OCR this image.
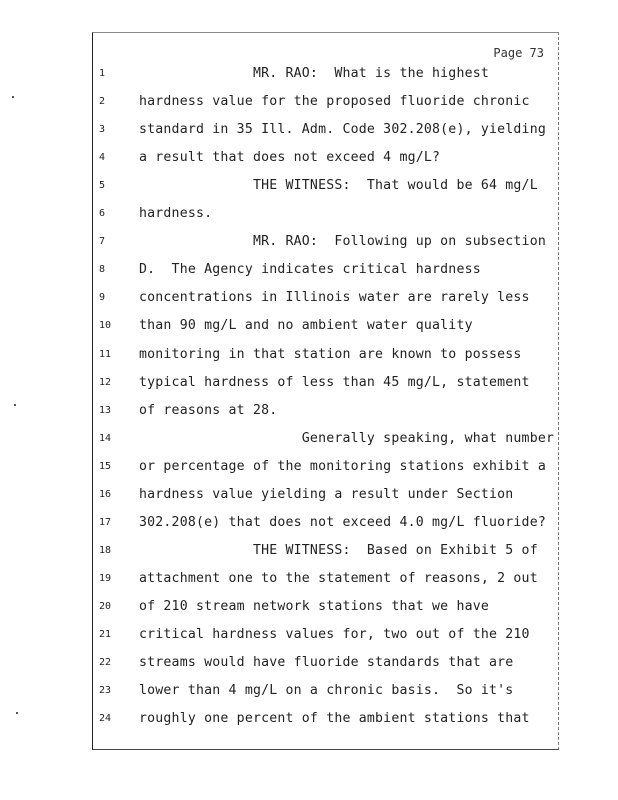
Page 73
1	MR. RAO:  What is the highest
2	hardness value for the proposed fluoride chronic
3	standard in 35 Ill. Adm. Code 302.208(e), yielding
4	a result that does not exceed 4 mg/L?
5	THE WITNESS:  That would be 64 mg/L
6	hardness.
7	MR. RAO:  Following up on subsection
8	D.  The Agency indicates critical hardness
9	concentrations in Illinois water are rarely less
10 than 90 mg/L and no ambient water quality
11 monitoring in that station are known to possess
12 typical hardness of less than 45 mg/L, statement
13 of reasons at 28.
14 Generally speaking, what number
15 or percentage of the monitoring stations exhibit a
16 hardness value yielding a result under Section
17 302.208(e) that does not exceed 4.0 mg/L fluoride?
18 THE WITNESS:  Based on Exhibit 5 of
19 attachment one to the statement of reasons, 2 out
20 of 210 stream network stations that we have
21 critical hardness values for, two out of the 210
22 streams would have fluoride standards that are
23 lower than 4 mg/L on a chronic basis.  So it's
24 roughly one percent of the ambient stations that
